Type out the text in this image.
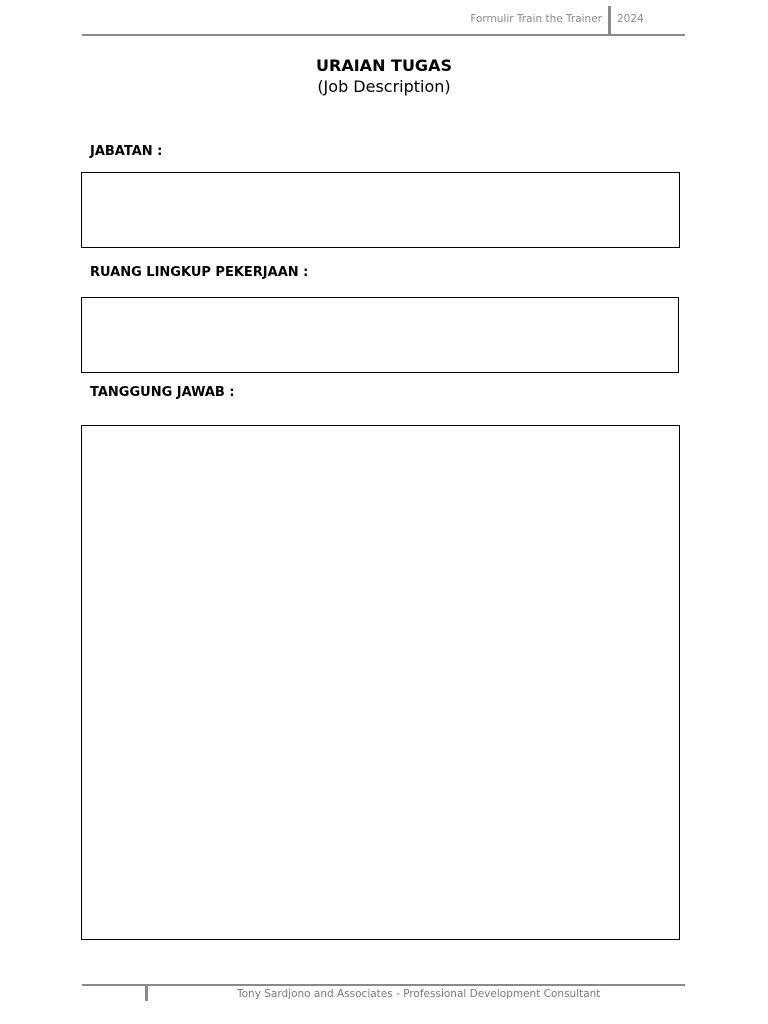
Formulir Train the Trainer 2024
URAIAN TUGAS
(Job Description)
JABATAN :
RUANG LINGKUP PEKERJAAN :
TANGGUNG JAWAB :
Tony Sardjono and Associates - Professional Development Consultant
